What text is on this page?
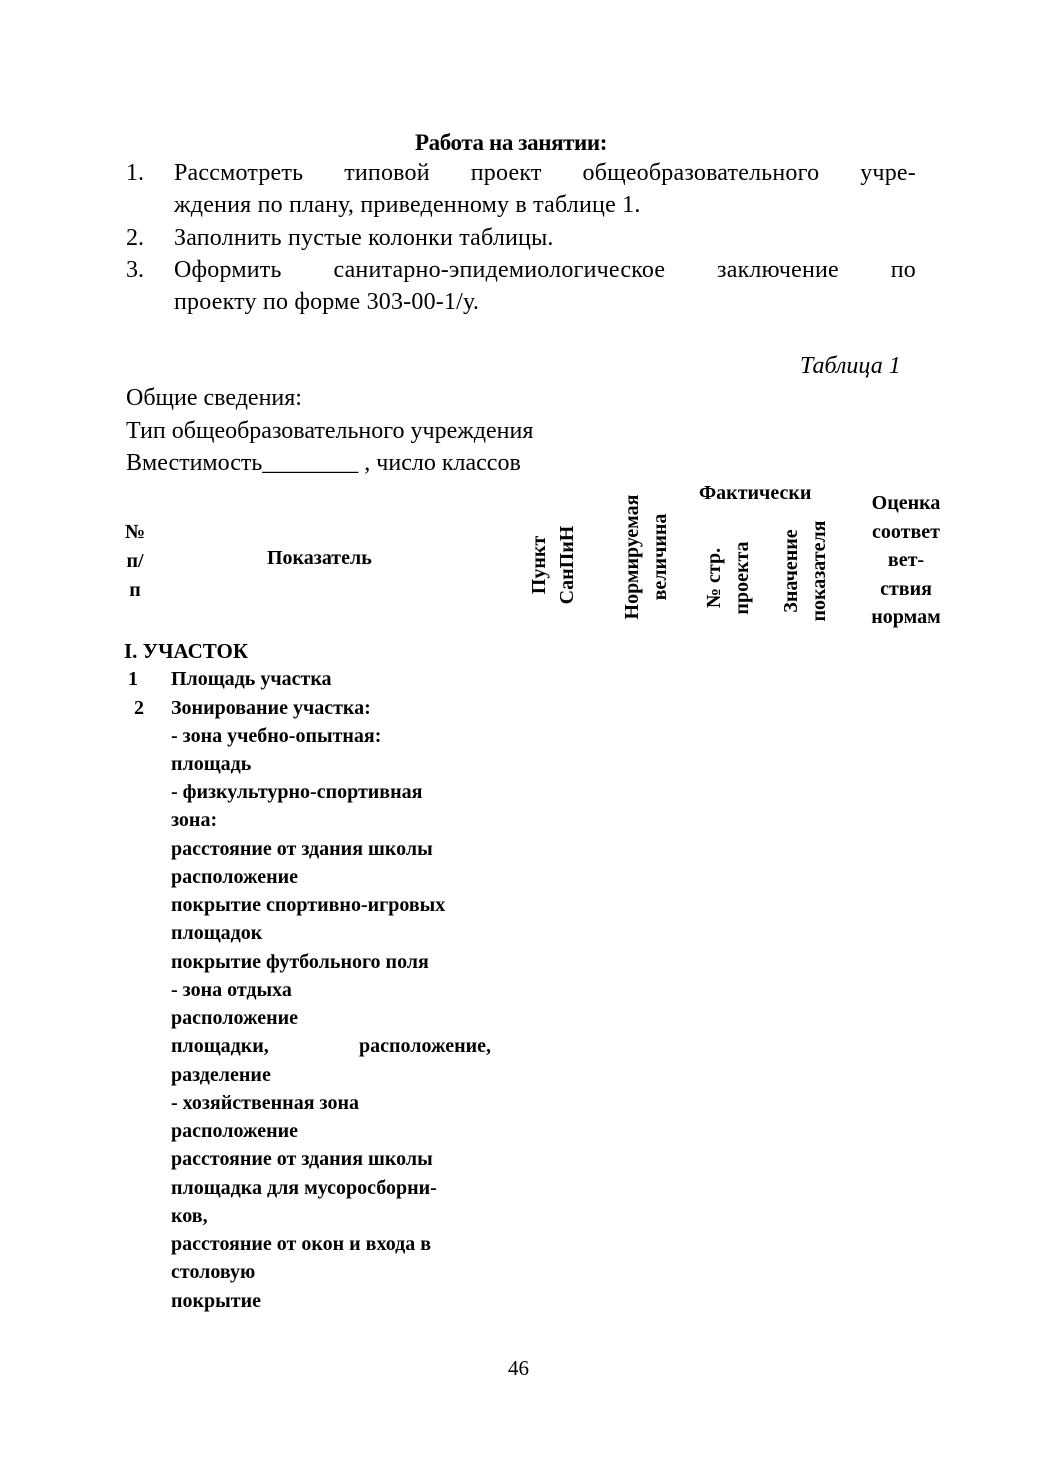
Работа на занятии:
1. Рассмотреть типовой проект общеобразовательного учре-
ждения по плану, приведенному в таблице 1.
2. Заполнить пустые колонки таблицы.
3. Оформить санитарно-эпидемиологическое заключение по
проекту по форме 303-00-1/у.
Таблица 1
Общие сведения:
Тип общеобразовательного учреждения
Вместимость________ , число классов
№
п/
п
Показатель	Пункт СанПиН Нормируемая величина
Фактически
№ стр. проекта Значение показателя
Оценка
соответ
вет-
ствия
нормам
I. УЧАСТОК
Площадь участка
Зонирование участка:
- зона учебно-опытная:
площадь
- физкультурно-спортивная
зона:
расстояние от здания школы
расположение
покрытие спортивно-игровых
площадок
покрытие футбольного поля
- зона отдыха
расположение
площадки,	расположение,
разделение
- хозяйственная зона
расположение
расстояние от здания школы
площадка для мусоросборни-
ков,
расстояние от окон и входа в
столовую
покрытие
1
2
46
